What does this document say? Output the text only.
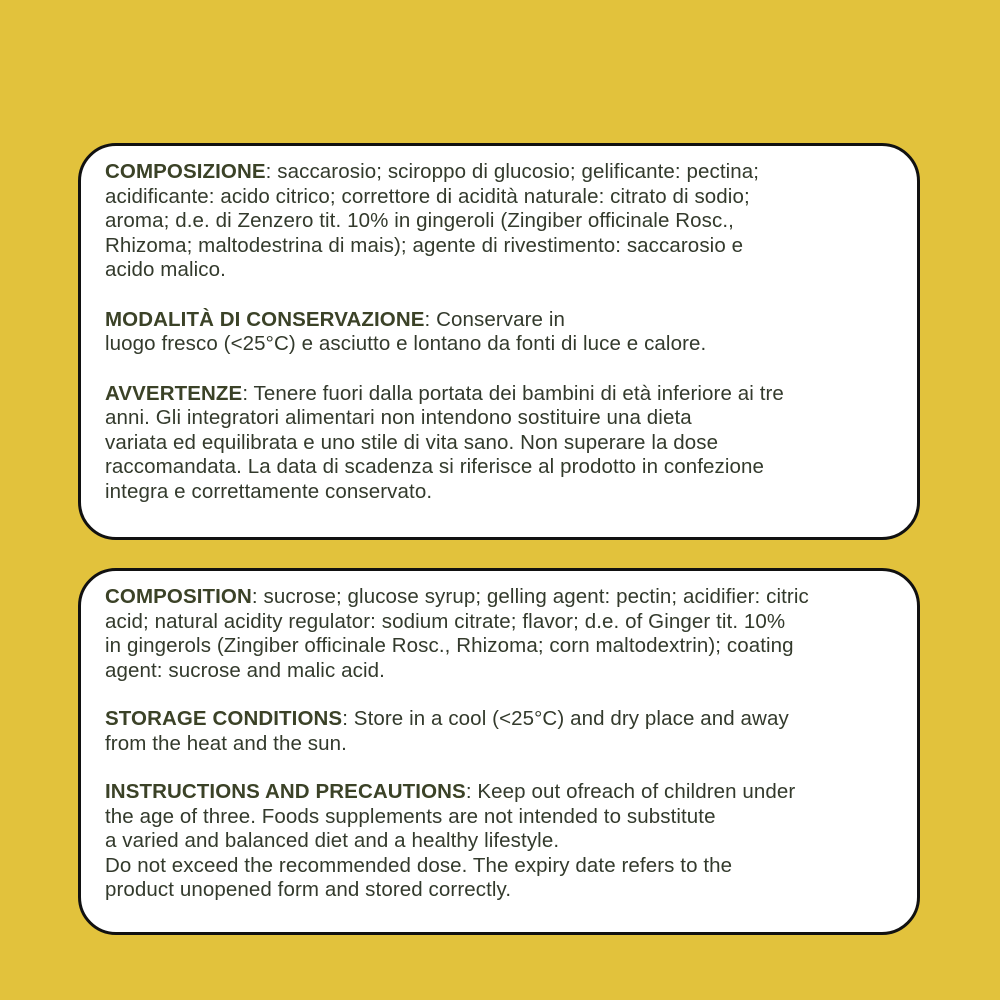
COMPOSIZIONE: saccarosio; sciroppo di glucosio; gelificante: pectina;

acidificante: acido citrico; correttore di acidità naturale: citrato di sodio;

aroma; d.e. di Zenzero tit. 10% in gingeroli (Zingiber officinale Rosc.,

Rhizoma; maltodestrina di mais); agente di rivestimento: saccarosio e

acido malico.

MODALITÀ DI CONSERVAZIONE: Conservare in

luogo fresco (<25°C) e asciutto e lontano da fonti di luce e calore.

AVVERTENZE: Tenere fuori dalla portata dei bambini di età inferiore ai tre

anni. Gli integratori alimentari non intendono sostituire una dieta

variata ed equilibrata e uno stile di vita sano. Non superare la dose

raccomandata. La data di scadenza si riferisce al prodotto in confezione

integra e correttamente conservato.

COMPOSITION: sucrose; glucose syrup; gelling agent: pectin; acidifier: citric

acid; natural acidity regulator: sodium citrate; flavor; d.e. of Ginger tit. 10%

in gingerols (Zingiber officinale Rosc., Rhizoma; corn maltodextrin); coating

agent: sucrose and malic acid.

STORAGE CONDITIONS: Store in a cool (<25°C) and dry place and away

from the heat and the sun.

INSTRUCTIONS AND PRECAUTIONS: Keep out ofreach of children under

the age of three. Foods supplements are not intended to substitute

a varied and balanced diet and a healthy lifestyle.

Do not exceed the recommended dose. The expiry date refers to the

product unopened form and stored correctly.
